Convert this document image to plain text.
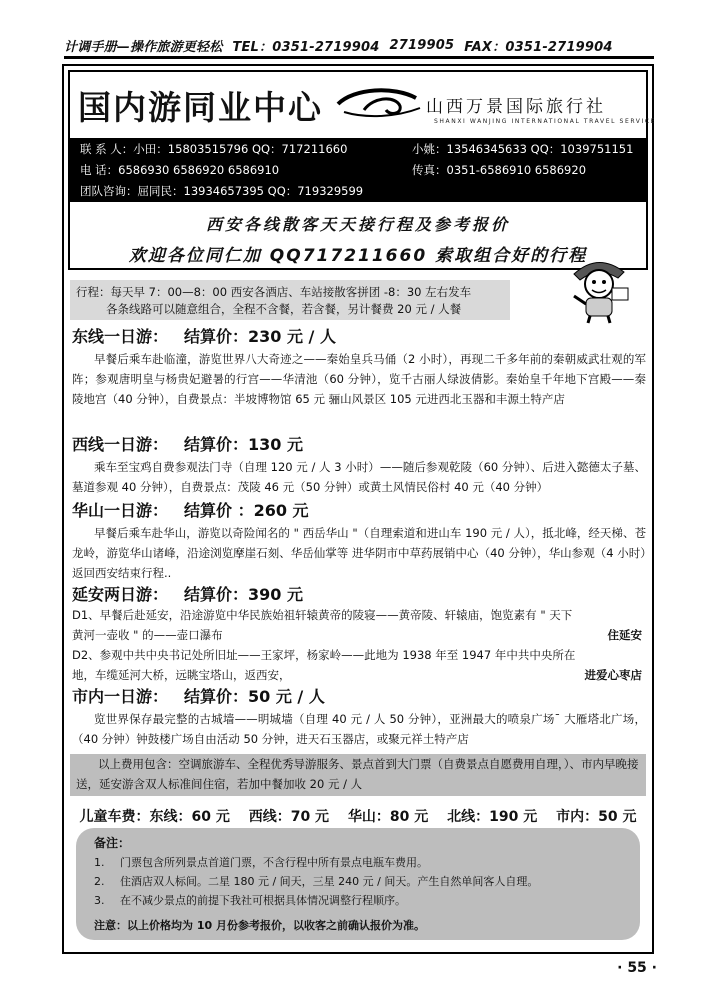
计调手册—操作旅游更轻松 TEL：0351-2719904 2719905 FAX：0351-2719904
国内游同业中心	山西万景国际旅行社
SHANXI WANJING INTERNATIONAL TRAVEL SERVICE
联 系 人：小田：15803515796 QQ：717211660	小姚：13546345633 QQ：1039751151
电 话：6586930 6586920 6586910	传真：0351-6586910 6586920
团队咨询：屈同民：13934657395 QQ：719329599
西安各线散客天天接行程及参考报价
欢迎各位同仁加 QQ717211660 索取组合好的行程
行程：每天早 7：00—8：00 西安各酒店、车站接散客拼团 -8：30 左右发车
各条线路可以随意组合，全程不含餐，若含餐，另计餐费 20 元 / 人餐
东线一日游： 结算价：230 元 / 人
早餐后乘车赴临潼，游览世界八大奇迹之——秦始皇兵马俑（2 小时），再现二千多年前的秦朝威武壮观的军阵；参观唐明皇与杨贵妃避暑的行宫——华清池（60 分钟），览千古丽人绿波倩影。秦始皇千年地下宫殿——秦陵地宫（40 分钟），自费景点：半坡博物馆 65 元 骊山风景区 105 元进西北玉器和丰源土特产店
西线一日游： 结算价：130 元
乘车至宝鸡自费参观法门寺（自理 120 元 / 人 3 小时）——随后参观乾陵（60 分钟）、后进入懿德太子墓、墓道参观 40 分钟），自费景点：茂陵 46 元（50 分钟）或黄土风情民俗村 40 元（40 分钟）
华山一日游： 结算价 ：260 元
早餐后乘车赴华山，游览以奇险闻名的 " 西岳华山 "（自理索道和进山车 190 元 / 人），抵北峰，经天梯、苍龙岭，游览华山诸峰，沿途浏览摩崖石刻、华岳仙掌等 进华阴市中草药展销中心（40 分钟），华山参观（4 小时）返回西安结束行程..
延安两日游： 结算价：390 元
D1、早餐后赴延安，沿途游览中华民族始祖轩辕黄帝的陵寝——黄帝陵、轩辕庙，饱览素有 " 天下
黄河一壶收 " 的——壶口瀑布	住延安
D2、参观中共中央书记处所旧址——王家坪，杨家岭——此地为 1938 年至 1947 年中共中央所在
地，车缆延河大桥，远眺宝塔山，返西安，	进爱心枣店
市内一日游： 结算价：50 元 / 人
览世界保存最完整的古城墙——明城墙（自理 40 元 / 人 50 分钟），亚洲最大的喷泉广场¯ 大雁塔北广场，（40 分钟）钟鼓楼广场自由活动 50 分钟，进天石玉器店，或聚元祥土特产店
以上费用包含：空调旅游车、全程优秀导游服务、景点首到大门票（自费景点自愿费用自理，）、市内早晚接送，延安游含双人标准间住宿，若加中餐加收 20 元 / 人
儿童车费：东线：60 元 西线：70 元 华山：80 元 北线：190 元 市内：50 元
备注：
1.	门票包含所列景点首道门票，不含行程中所有景点电瓶车费用。
2.	住酒店双人标间。二星 180 元 / 间天，三星 240 元 / 间天。产生自然单间客人自理。
3.	在不减少景点的前提下我社可根据具体情况调整行程顺序。
注意：以上价格均为 10 月份参考报价，以收客之前确认报价为准。
· 55 ·
